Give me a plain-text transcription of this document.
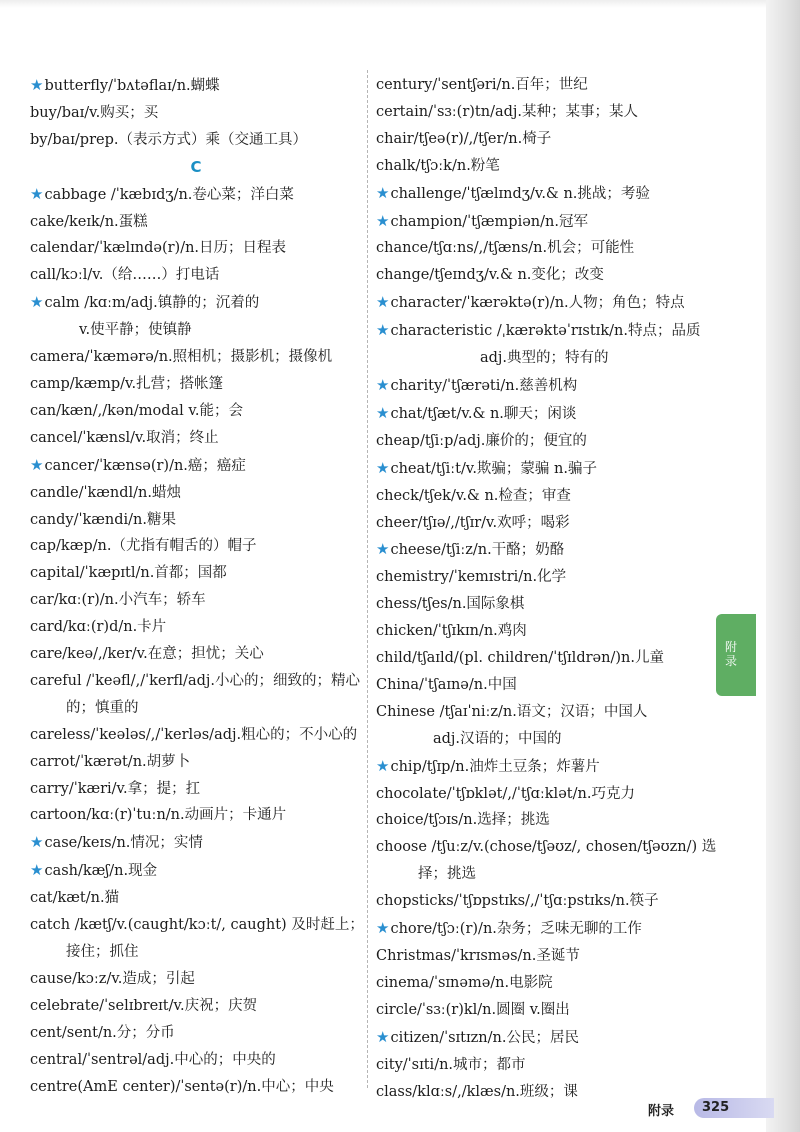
★butterfly/ˈbʌtəflaɪ/n.蝴蝶
buy/baɪ/v.购买；买
by/baɪ/prep.（表示方式）乘（交通工具）
C
★cabbage /ˈkæbɪdʒ/n.卷心菜；洋白菜
cake/keɪk/n.蛋糕
calendar/ˈkælɪndə(r)/n.日历；日程表
call/kɔːl/v.（给……）打电话
★calm /kɑːm/adj.镇静的；沉着的
v.使平静；使镇静
camera/ˈkæmərə/n.照相机；摄影机；摄像机
camp/kæmp/v.扎营；搭帐篷
can/kæn/,/kən/modal v.能；会
cancel/ˈkænsl/v.取消；终止
★cancer/ˈkænsə(r)/n.癌；癌症
candle/ˈkændl/n.蜡烛
candy/ˈkændi/n.糖果
cap/kæp/n.（尤指有帽舌的）帽子
capital/ˈkæpɪtl/n.首都；国都
car/kɑː(r)/n.小汽车；轿车
card/kɑː(r)d/n.卡片
care/keə/,/ker/v.在意；担忧；关心
careful /ˈkeəfl/,/ˈkerfl/adj.小心的；细致的；精心
的；慎重的
careless/ˈkeələs/,/ˈkerləs/adj.粗心的；不小心的
carrot/ˈkærət/n.胡萝卜
carry/ˈkæri/v.拿；提；扛
cartoon/kɑː(r)ˈtuːn/n.动画片；卡通片
★case/keɪs/n.情况；实情
★cash/kæʃ/n.现金
cat/kæt/n.猫
catch /kætʃ/v.(caught/kɔːt/, caught) 及时赶上；
接住；抓住
cause/kɔːz/v.造成；引起
celebrate/ˈselɪbreɪt/v.庆祝；庆贺
cent/sent/n.分；分币
central/ˈsentrəl/adj.中心的；中央的
centre(AmE center)/ˈsentə(r)/n.中心；中央
century/ˈsentʃəri/n.百年；世纪
certain/ˈsɜː(r)tn/adj.某种；某事；某人
chair/tʃeə(r)/,/tʃer/n.椅子
chalk/tʃɔːk/n.粉笔
★challenge/ˈtʃælɪndʒ/v.& n.挑战；考验
★champion/ˈtʃæmpiən/n.冠军
chance/tʃɑːns/,/tʃæns/n.机会；可能性
change/tʃeɪndʒ/v.& n.变化；改变
★character/ˈkærəktə(r)/n.人物；角色；特点
★characteristic /ˌkærəktəˈrɪstɪk/n.特点；品质
adj.典型的；特有的
★charity/ˈtʃærəti/n.慈善机构
★chat/tʃæt/v.& n.聊天；闲谈
cheap/tʃiːp/adj.廉价的；便宜的
★cheat/tʃiːt/v.欺骗；蒙骗 n.骗子
check/tʃek/v.& n.检查；审查
cheer/tʃɪə/,/tʃɪr/v.欢呼；喝彩
★cheese/tʃiːz/n.干酪；奶酪
chemistry/ˈkemɪstri/n.化学
chess/tʃes/n.国际象棋
chicken/ˈtʃɪkɪn/n.鸡肉
child/tʃaɪld/(pl. children/ˈtʃɪldrən/)n.儿童
China/ˈtʃaɪnə/n.中国
Chinese /tʃaɪˈniːz/n.语文；汉语；中国人
adj.汉语的；中国的
★chip/tʃɪp/n.油炸土豆条；炸薯片
chocolate/ˈtʃɒklət/,/ˈtʃɑːklət/n.巧克力
choice/tʃɔɪs/n.选择；挑选
choose /tʃuːz/v.(chose/tʃəʊz/, chosen/tʃəʊzn/) 选
择；挑选
chopsticks/ˈtʃɒpstɪks/,/ˈtʃɑːpstɪks/n.筷子
★chore/tʃɔː(r)/n.杂务；乏味无聊的工作
Christmas/ˈkrɪsməs/n.圣诞节
cinema/ˈsɪnəmə/n.电影院
circle/ˈsɜː(r)kl/n.圆圈 v.圈出
★citizen/ˈsɪtɪzn/n.公民；居民
city/ˈsɪti/n.城市；都市
class/klɑːs/,/klæs/n.班级；课
附录
附录	325
